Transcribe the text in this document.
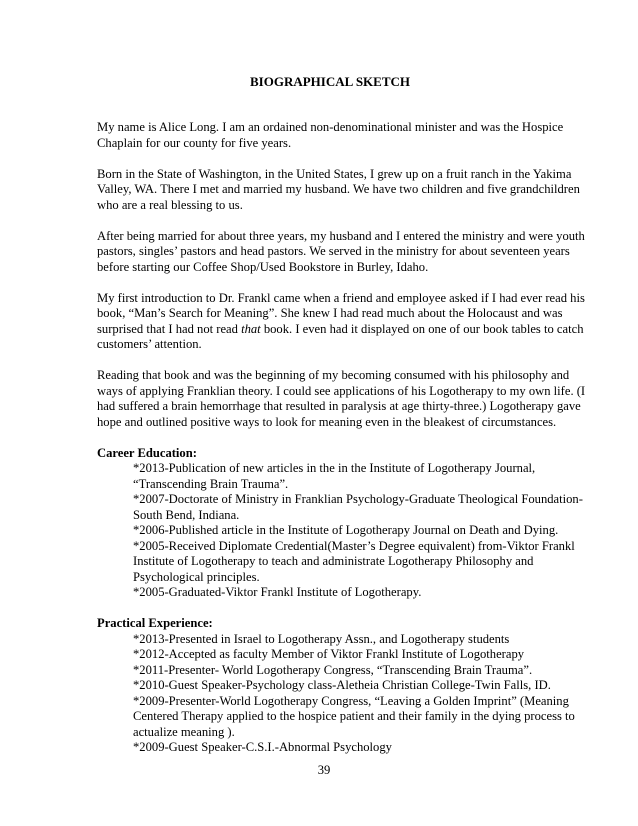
BIOGRAPHICAL SKETCH

My name is Alice Long. I am an ordained non-denominational minister and was the Hospice Chaplain for our county for five years.

Born in the State of Washington, in the United States, I grew up on a fruit ranch in the Yakima Valley, WA. There I met and married my husband. We have two children and five grandchildren who are a real blessing to us.

After being married for about three years, my husband and I entered the ministry and were youth pastors, singles’ pastors and head pastors. We served in the ministry for about seventeen years before starting our Coffee Shop/Used Bookstore in Burley, Idaho.

My first introduction to Dr. Frankl came when a friend and employee asked if I had ever read his book, “Man’s Search for Meaning”. She knew I had read much about the Holocaust and was surprised that I had not read that book. I even had it displayed on one of our book tables to catch customers’ attention.

Reading that book and was the beginning of my becoming consumed with his philosophy and ways of applying Franklian theory. I could see applications of his Logotherapy to my own life. (I had suffered a brain hemorrhage that resulted in paralysis at age thirty-three.) Logotherapy gave hope and outlined positive ways to look for meaning even in the bleakest of circumstances.

Career Education:
*2013-Publication of new articles in the in the Institute of Logotherapy Journal, “Transcending Brain Trauma”.
*2007-Doctorate of Ministry in Franklian Psychology-Graduate Theological Foundation-South Bend, Indiana.
*2006-Published article in the Institute of Logotherapy Journal on Death and Dying.
*2005-Received Diplomate Credential(Master’s Degree equivalent) from-Viktor Frankl Institute of Logotherapy to teach and administrate Logotherapy Philosophy and Psychological principles.
*2005-Graduated-Viktor Frankl Institute of Logotherapy.
Practical Experience:
*2013-Presented in Israel to Logotherapy Assn., and Logotherapy students
*2012-Accepted as faculty Member of Viktor Frankl Institute of Logotherapy
*2011-Presenter- World Logotherapy Congress, “Transcending Brain Trauma”.
*2010-Guest Speaker-Psychology class-Aletheia Christian College-Twin Falls, ID.
*2009-Presenter-World Logotherapy Congress, “Leaving a Golden Imprint” (Meaning Centered Therapy applied to the hospice patient and their family in the dying process to actualize meaning ).
*2009-Guest Speaker-C.S.I.-Abnormal Psychology
39
